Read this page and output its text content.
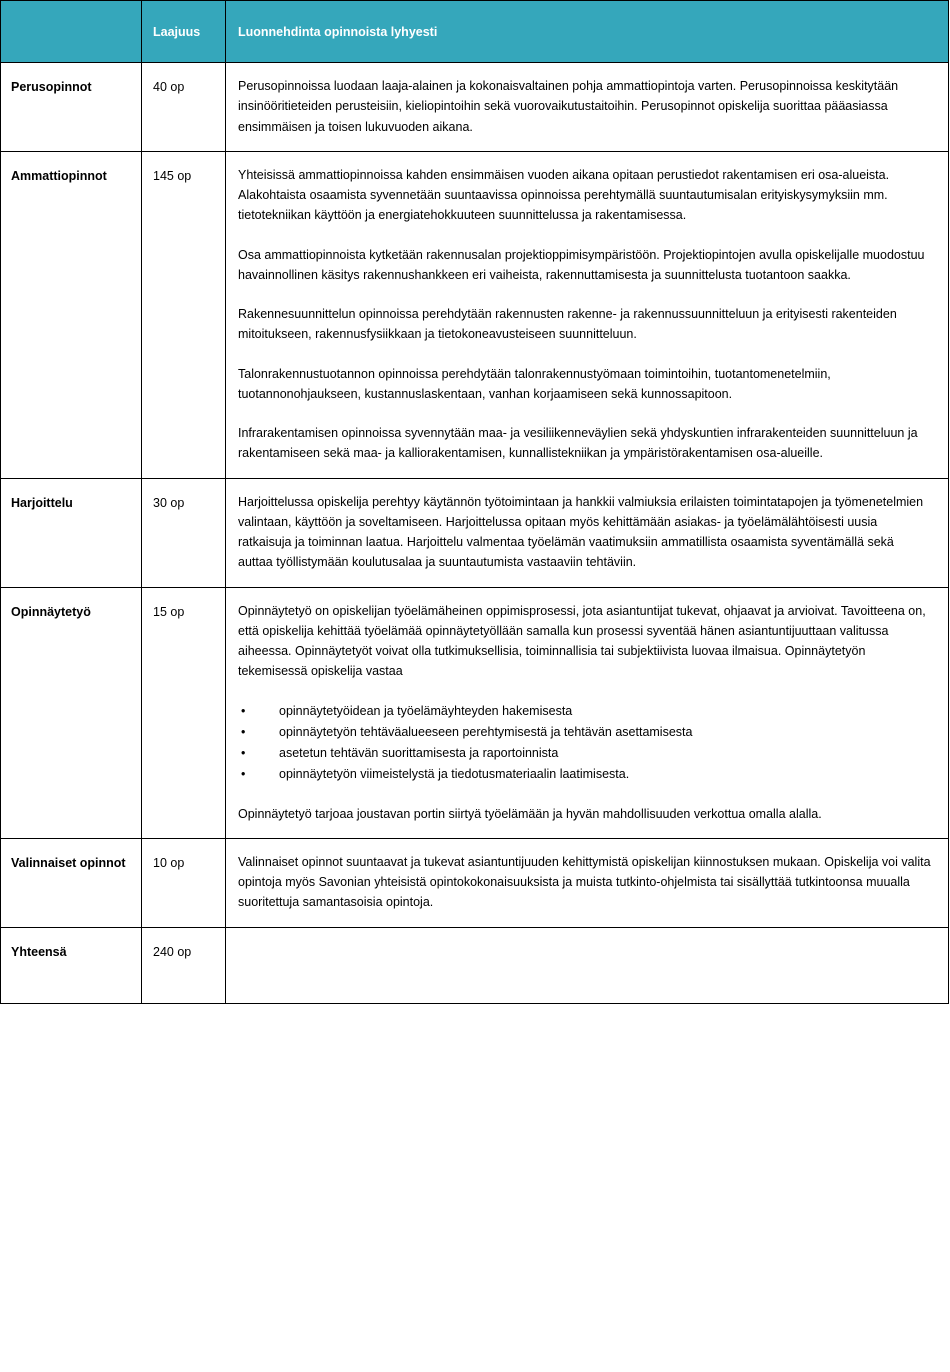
	Laajuus	Luonnehdinta opinnoista lyhyesti
Perusopinnot	40 op	Perusopinnoissa luodaan laaja-alainen ja kokonaisvaltainen pohja ammattiopintoja varten. Perusopinnoissa keskitytään insinööritieteiden perusteisiin, kieliopintoihin sekä vuorovaikutustaitoihin. Perusopinnot opiskelija suorittaa pääasiassa ensimmäisen ja toisen lukuvuoden aikana.

Ammattiopinnot	145 op	Yhteisissä ammattiopinnoissa kahden ensimmäisen vuoden aikana opitaan perustiedot rakentamisen eri osa-alueista. Alakohtaista osaamista syvennetään suuntaavissa opinnoissa perehtymällä suuntautumisalan erityiskysymyksiin mm. tietotekniikan käyttöön ja energiatehokkuuteen suunnittelussa ja rakentamisessa.

Osa ammattiopinnoista kytketään rakennusalan projektioppimisympäristöön. Projektiopintojen avulla opiskelijalle muodostuu havainnollinen käsitys rakennushankkeen eri vaiheista, rakennuttamisesta ja suunnittelusta tuotantoon saakka.

Rakennesuunnittelun opinnoissa perehdytään rakennusten rakenne- ja rakennussuunnitteluun ja erityisesti rakenteiden mitoitukseen, rakennusfysiikkaan ja tietokoneavusteiseen suunnitteluun.

Talonrakennustuotannon opinnoissa perehdytään talonrakennustyömaan toimintoihin, tuotantomenetelmiin, tuotannonohjaukseen, kustannuslaskentaan, vanhan korjaamiseen sekä kunnossapitoon.

Infrarakentamisen opinnoissa syvennytään maa- ja vesiliikenneväylien sekä yhdyskuntien infrarakenteiden suunnitteluun ja rakentamiseen sekä maa- ja kalliorakentamisen, kunnallistekniikan ja ympäristörakentamisen osa-alueille.

Harjoittelu	30 op	Harjoittelussa opiskelija perehtyy käytännön työtoimintaan ja hankkii valmiuksia erilaisten toimintatapojen ja työmenetelmien valintaan, käyttöön ja soveltamiseen. Harjoittelussa opitaan myös kehittämään asiakas- ja työelämälähtöisesti uusia ratkaisuja ja toiminnan laatua. Harjoittelu valmentaa työelämän vaatimuksiin ammatillista osaamista syventämällä sekä auttaa työllistymään koulutusalaa ja suuntautumista vastaaviin tehtäviin.

Opinnäytetyö	15 op	Opinnäytetyö on opiskelijan työelämäheinen oppimisprosessi, jota asiantuntijat tukevat, ohjaavat ja arvioivat. Tavoitteena on, että opiskelija kehittää työelämää opinnäytetyöllään samalla kun prosessi syventää hänen asiantuntijuuttaan valitussa aiheessa. Opinnäytetyöt voivat olla tutkimuksellisia, toiminnallisia tai subjektiivista luovaa ilmaisua. Opinnäytetyön tekemisessä opiskelija vastaa

• opinnäytetyöidean ja työelämäyhteyden hakemisesta
• opinnäytetyön tehtäväalueeseen perehtymisestä ja tehtävän asettamisesta
• asetetun tehtävän suorittamisesta ja raportoinnista
• opinnäytetyön viimeistelystä ja tiedotusmateriaalin laatimisesta.

Opinnäytetyö tarjoaa joustavan portin siirtyä työelämään ja hyvän mahdollisuuden verkottua omalla alalla.

Valinnaiset opinnot	10 op	Valinnaiset opinnot suuntaavat ja tukevat asiantuntijuuden kehittymistä opiskelijan kiinnostuksen mukaan. Opiskelija voi valita opintoja myös Savonian yhteisistä opintokokonaisuuksista ja muista tutkinto-ohjelmista tai sisällyttää tutkintoonsa muualla suoritettuja samantasoisia opintoja.

Yhteensä	240 op	
